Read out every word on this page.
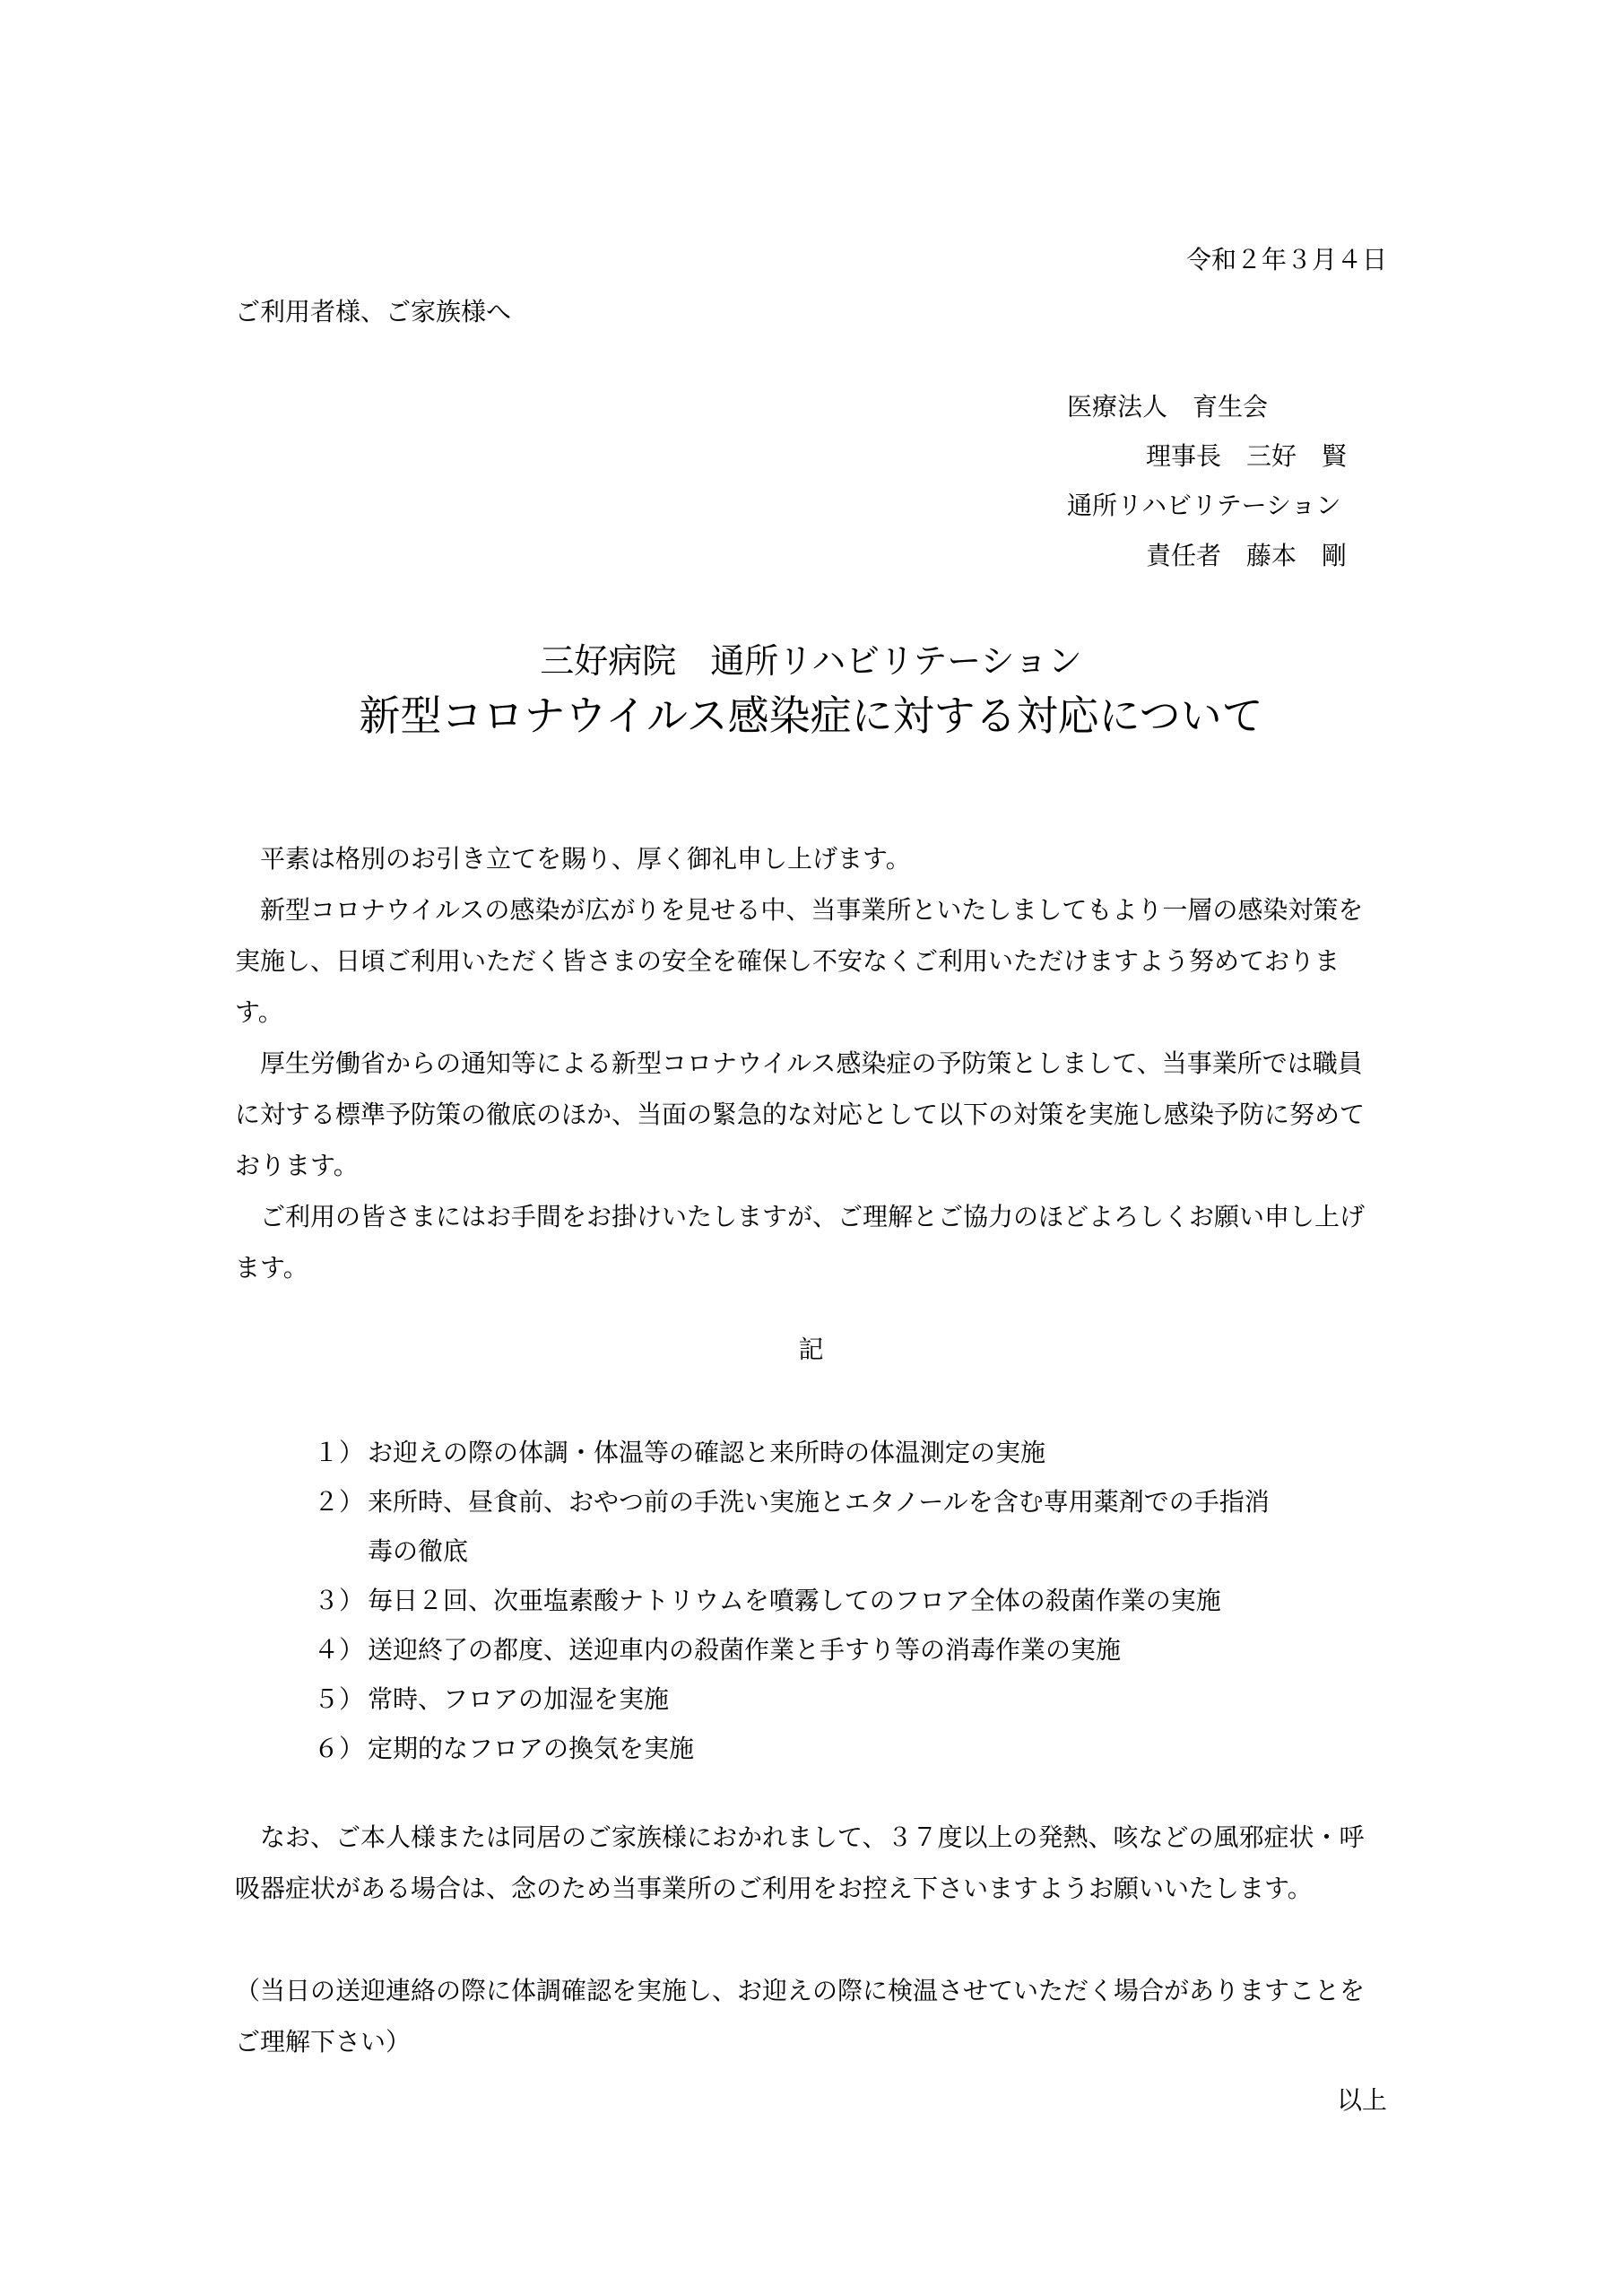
令和２年３月４日

ご利用者様、ご家族様へ

医療法人　育生会
理事長　三好　賢
通所リハビリテーション
責任者　藤本　剛
三好病院　通所リハビリテーション
新型コロナウイルス感染症に対する対応について

平素は格別のお引き立てを賜り、厚く御礼申し上げます。

新型コロナウイルスの感染が広がりを見せる中、当事業所といたしましてもより一層の感染対策を実施し、日頃ご利用いただく皆さまの安全を確保し不安なくご利用いただけますよう努めております。

厚生労働省からの通知等による新型コロナウイルス感染症の予防策としまして、当事業所では職員に対する標準予防策の徹底のほか、当面の緊急的な対応として以下の対策を実施し感染予防に努めております。

ご利用の皆さまにはお手間をお掛けいたしますが、ご理解とご協力のほどよろしくお願い申し上げます。

記

１） お迎えの際の体調・体温等の確認と来所時の体温測定の実施
２） 来所時、昼食前、おやつ前の手洗い実施とエタノールを含む専用薬剤での手指消
毒の徹底
３） 毎日２回、次亜塩素酸ナトリウムを噴霧してのフロア全体の殺菌作業の実施
４） 送迎終了の都度、送迎車内の殺菌作業と手すり等の消毒作業の実施
５） 常時、フロアの加湿を実施
６） 定期的なフロアの換気を実施

なお、ご本人様または同居のご家族様におかれまして、３７度以上の発熱、咳などの風邪症状・呼吸器症状がある場合は、念のため当事業所のご利用をお控え下さいますようお願いいたします。

（当日の送迎連絡の際に体調確認を実施し、お迎えの際に検温させていただく場合がありますことをご理解下さい）

以上
